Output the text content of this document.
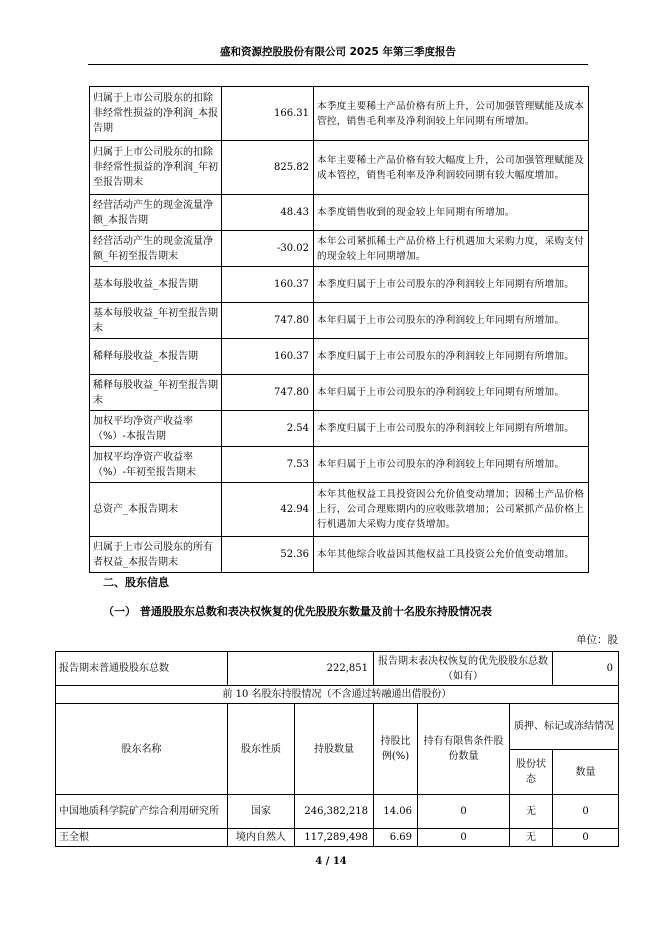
盛和资源控股股份有限公司 2025 年第三季度报告
归属于上市公司股东的扣除非经常性损益的净利润_本报告期	166.31	本季度主要稀土产品价格有所上升，公司加强管理赋能及成本管控，销售毛利率及净利润较上年同期有所增加。
归属于上市公司股东的扣除非经常性损益的净利润_年初至报告期末	825.82	本年主要稀土产品价格有较大幅度上升，公司加强管理赋能及成本管控，销售毛利率及净利润较同期有较大幅度增加。
经营活动产生的现金流量净额_本报告期	48.43	本季度销售收到的现金较上年同期有所增加。
经营活动产生的现金流量净额_年初至报告期末	-30.02	本年公司紧抓稀土产品价格上行机遇加大采购力度，采购支付的现金较上年同期增加。
基本每股收益_本报告期	160.37	本季度归属于上市公司股东的净利润较上年同期有所增加。
基本每股收益_年初至报告期末	747.80	本年归属于上市公司股东的净利润较上年同期有所增加。
稀释每股收益_本报告期	160.37	本季度归属于上市公司股东的净利润较上年同期有所增加。
稀释每股收益_年初至报告期末	747.80	本年归属于上市公司股东的净利润较上年同期有所增加。
加权平均净资产收益率（%）-本报告期	2.54	本季度归属于上市公司股东的净利润较上年同期有所增加。
加权平均净资产收益率（%）-年初至报告期末	7.53	本年归属于上市公司股东的净利润较上年同期有所增加。
总资产_本报告期末	42.94	本年其他权益工具投资因公允价值变动增加；因稀土产品价格上行，公司合理账期内的应收账款增加；公司紧抓产品价格上行机遇加大采购力度存货增加。
归属于上市公司股东的所有者权益_本报告期末	52.36	本年其他综合收益因其他权益工具投资公允价值变动增加。
二、股东信息
（一） 普通股股东总数和表决权恢复的优先股股东数量及前十名股东持股情况表
单位：股
报告期末普通股股东总数	222,851		报告期末表决权恢复的优先股股东总数（如有）			0
前 10 名股东持股情况（不含通过转融通出借股份）						
股东名称	股东性质	持股数量	持股比例(%)	持有有限售条件股份数量	质押、标记或冻结情况	
					股份状态	数量
中国地质科学院矿产综合利用研究所	国家	246,382,218	14.06	0	无	0
王全根	境内自然人	117,289,498	6.69	0	无	0
4 / 14
